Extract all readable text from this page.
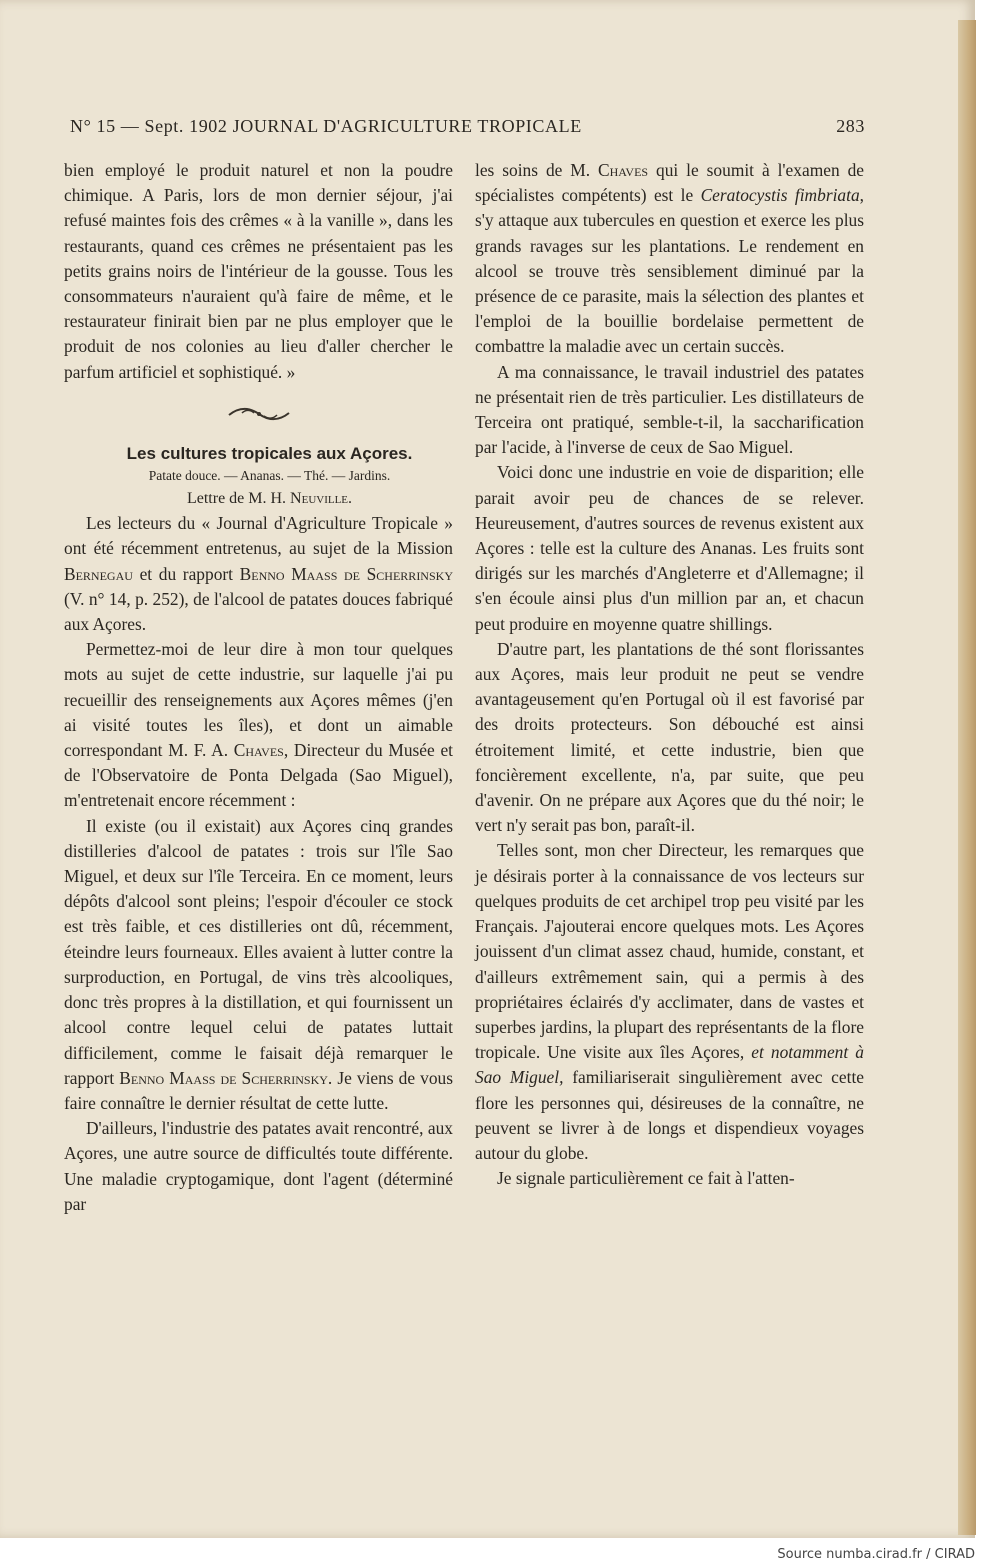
N° 15 — Sept. 1902 JOURNAL D'AGRICULTURE TROPICALE	283

bien employé le produit naturel et non la poudre chimique. A Paris, lors de mon dernier séjour, j'ai refusé maintes fois des crêmes « à la vanille », dans les restaurants, quand ces crêmes ne présentaient pas les petits grains noirs de l'intérieur de la gousse. Tous les consommateurs n'auraient qu'à faire de même, et le restaurateur finirait bien par ne plus employer que le produit de nos colonies au lieu d'aller chercher le parfum artificiel et sophistiqué. »

Les cultures tropicales aux Açores.

Patate douce. — Ananas. — Thé. — Jardins.

Lettre de M. H. Neuville.

Les lecteurs du « Journal d'Agriculture Tropicale » ont été récemment entretenus, au sujet de la Mission Bernegau et du rapport Benno Maass de Scherrinsky (V. n° 14, p. 252), de l'alcool de patates douces fabriqué aux Açores.

Permettez-moi de leur dire à mon tour quelques mots au sujet de cette industrie, sur laquelle j'ai pu recueillir des renseignements aux Açores mêmes (j'en ai visité toutes les îles), et dont un aimable correspondant M. F. A. Chaves, Directeur du Musée et de l'Observatoire de Ponta Delgada (Sao Miguel), m'entretenait encore récemment :

Il existe (ou il existait) aux Açores cinq grandes distilleries d'alcool de patates : trois sur l'île Sao Miguel, et deux sur l'île Terceira. En ce moment, leurs dépôts d'alcool sont pleins; l'espoir d'écouler ce stock est très faible, et ces distilleries ont dû, récemment, éteindre leurs fourneaux. Elles avaient à lutter contre la surproduction, en Portugal, de vins très alcooliques, donc très propres à la distillation, et qui fournissent un alcool contre lequel celui de patates luttait difficilement, comme le faisait déjà remarquer le rapport Benno Maass de Scherrinsky. Je viens de vous faire connaître le dernier résultat de cette lutte.

D'ailleurs, l'industrie des patates avait rencontré, aux Açores, une autre source de difficultés toute différente. Une maladie cryptogamique, dont l'agent (déterminé par

les soins de M. Chaves qui le soumit à l'examen de spécialistes compétents) est le Ceratocystis fimbriata, s'y attaque aux tubercules en question et exerce les plus grands ravages sur les plantations. Le rendement en alcool se trouve très sensiblement diminué par la présence de ce parasite, mais la sélection des plantes et l'emploi de la bouillie bordelaise permettent de combattre la maladie avec un certain succès.

A ma connaissance, le travail industriel des patates ne présentait rien de très particulier. Les distillateurs de Terceira ont pratiqué, semble-t-il, la saccharification par l'acide, à l'inverse de ceux de Sao Miguel.

Voici donc une industrie en voie de disparition; elle parait avoir peu de chances de se relever. Heureusement, d'autres sources de revenus existent aux Açores : telle est la culture des Ananas. Les fruits sont dirigés sur les marchés d'Angleterre et d'Allemagne; il s'en écoule ainsi plus d'un million par an, et chacun peut produire en moyenne quatre shillings.

D'autre part, les plantations de thé sont florissantes aux Açores, mais leur produit ne peut se vendre avantageusement qu'en Portugal où il est favorisé par des droits protecteurs. Son débouché est ainsi étroitement limité, et cette industrie, bien que foncièrement excellente, n'a, par suite, que peu d'avenir. On ne prépare aux Açores que du thé noir; le vert n'y serait pas bon, paraît-il.

Telles sont, mon cher Directeur, les remarques que je désirais porter à la connaissance de vos lecteurs sur quelques produits de cet archipel trop peu visité par les Français. J'ajouterai encore quelques mots. Les Açores jouissent d'un climat assez chaud, humide, constant, et d'ailleurs extrêmement sain, qui a permis à des propriétaires éclairés d'y acclimater, dans de vastes et superbes jardins, la plupart des représentants de la flore tropicale. Une visite aux îles Açores, et notamment à Sao Miguel, familiariserait singulièrement avec cette flore les personnes qui, désireuses de la connaître, ne peuvent se livrer à de longs et dispendieux voyages autour du globe.

Je signale particulièrement ce fait à l'atten-

Source numba.cirad.fr / CIRAD
